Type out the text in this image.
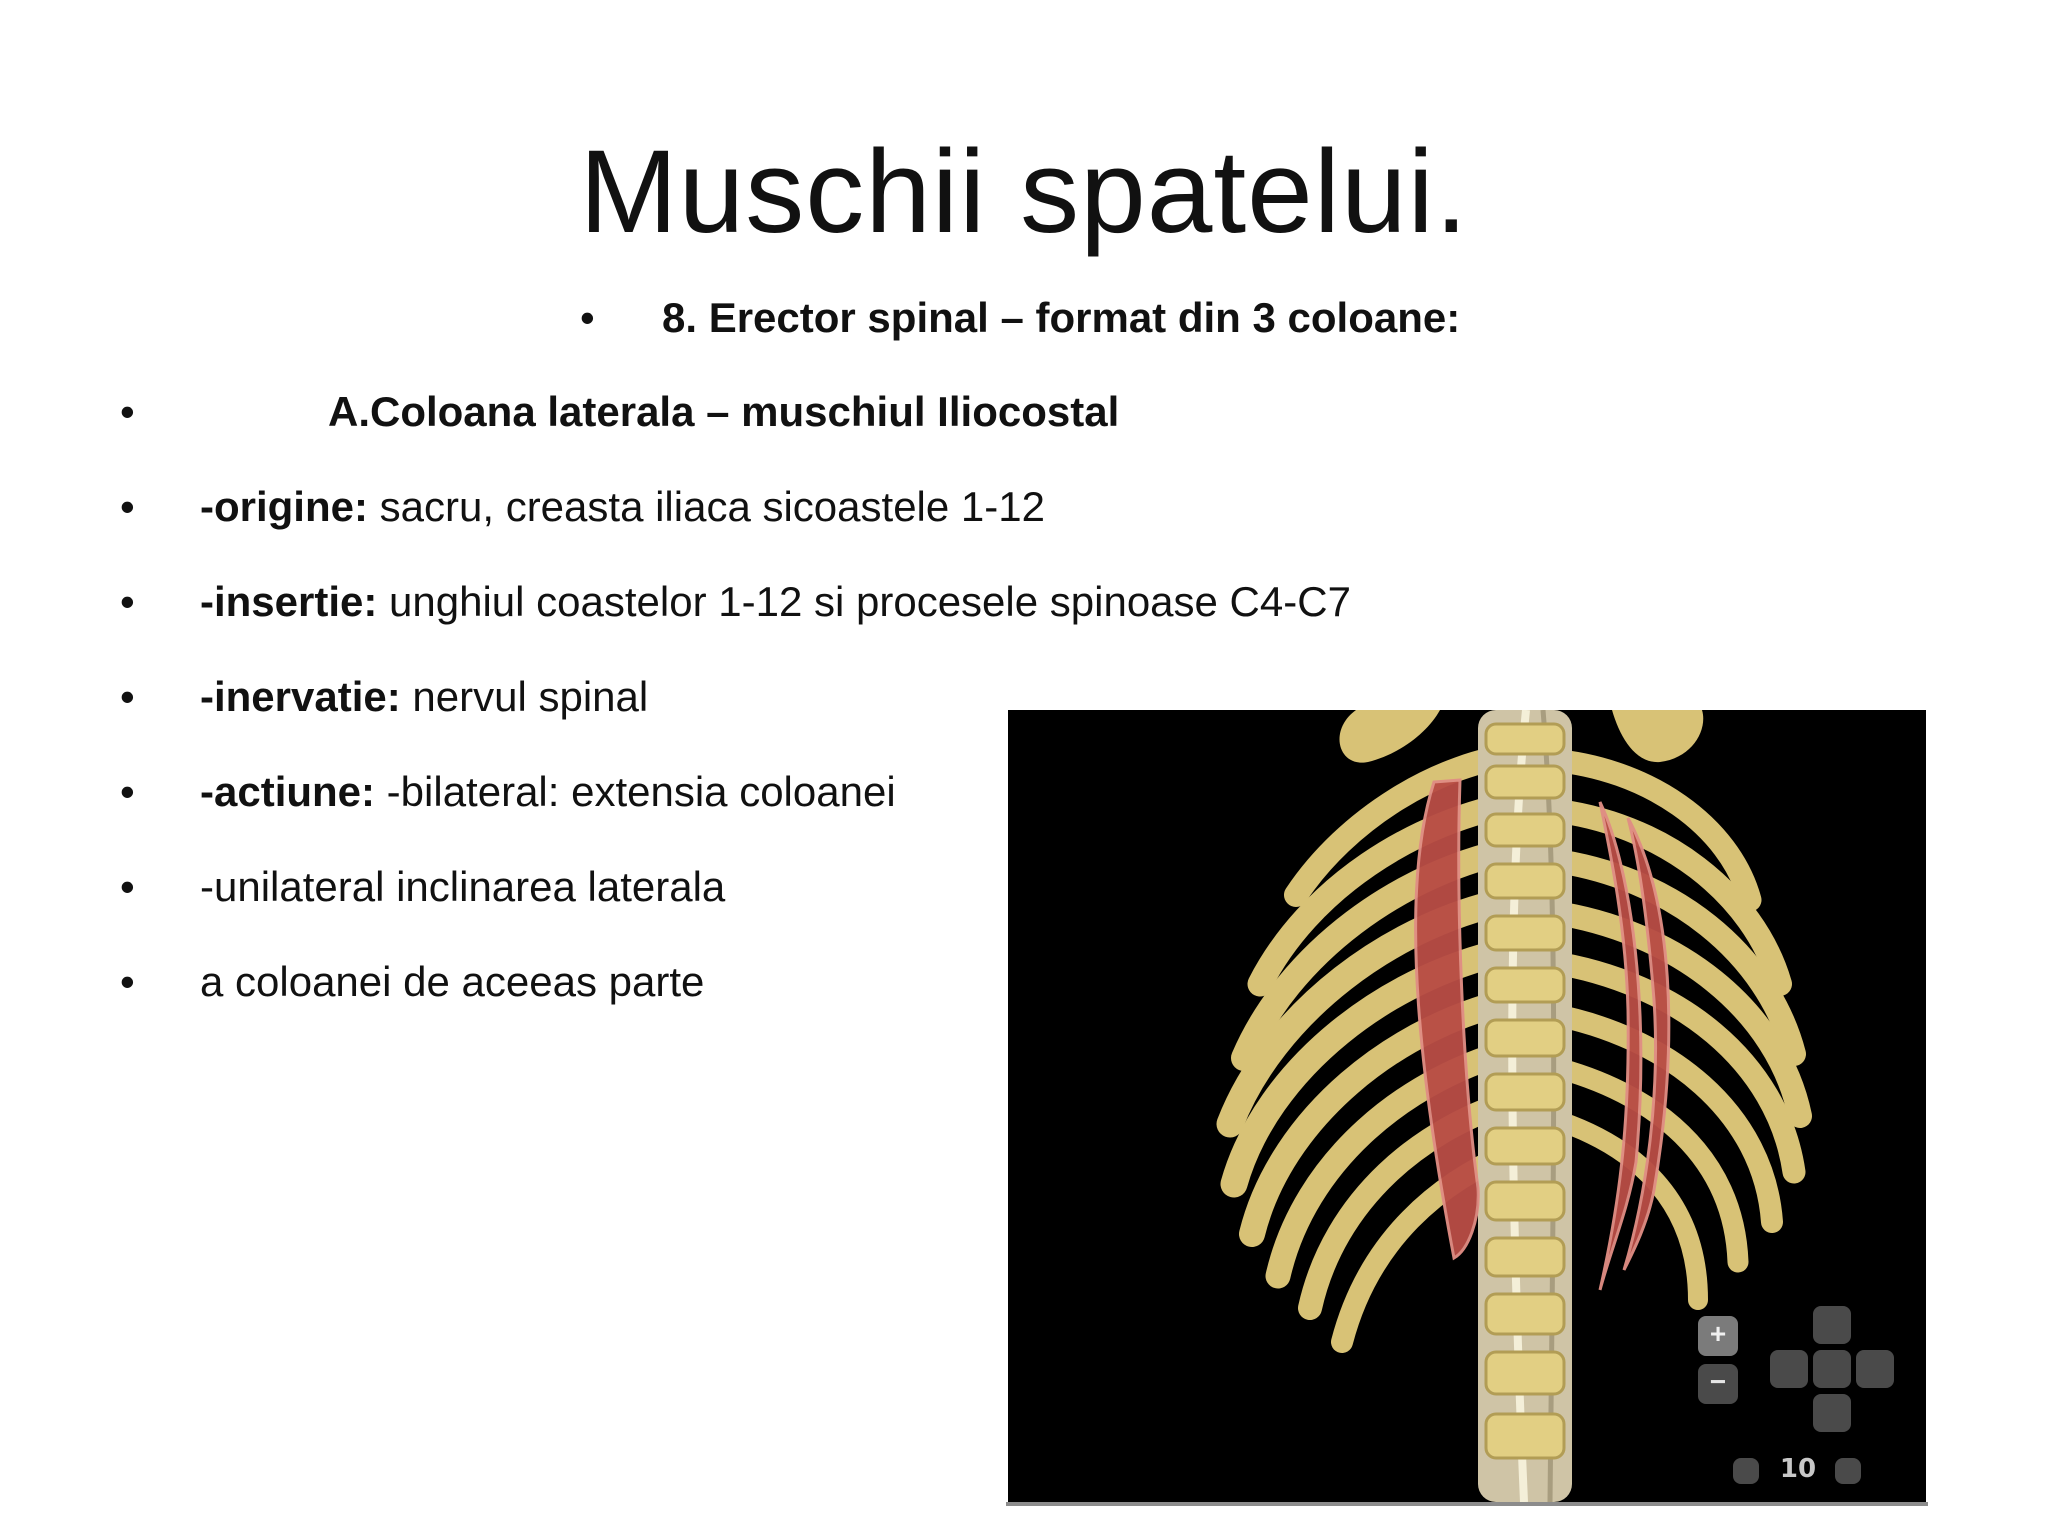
Muschii spatelui.
• 8. Erector spinal – format din 3 coloane:
•	A.Coloana laterala – muschiul Iliocostal
•	-origine: sacru, creasta iliaca sicoastele 1-12
•	-insertie: unghiul coastelor 1-12 si procesele spinoase C4-C7
•	-inervatie: nervul spinal
•	-actiune: -bilateral: extensia coloanei
•	-unilateral inclinarea laterala
•	a coloanei de aceeas parte
+
−
10
